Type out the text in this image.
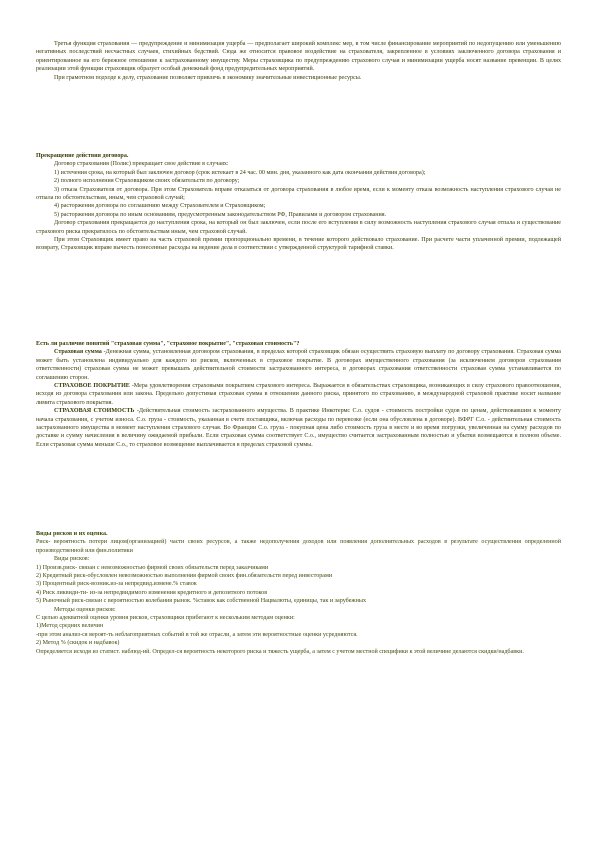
Третья функция страхования — предупреждение и минимизация ущерба — предполагает широкий комплекс мер, в том числе финансирование мероприятий по недопущению или уменьшению негативных последствий несчастных случаев, стихийных бедствий. Сюда же относится правовое воздействие на страхователя, закрепленное в условиях заключенного договора страхования и ориентированное на его бережное отношение к застрахованному имуществу. Меры страховщика по предупреждению страхового случая и минимизации ущерба носят название превенции. В целях реализации этой функции страховщик образует особый денежный фонд предупредительных мероприятий.

При грамотном подходе к делу, страхование позволяет привлечь в экономику значительные инвестиционные ресурсы.

Прекращение действия договора.

Договор страхования (Полис) прекращает свое действие в случаях:

1) истечения срока, на который был заключен договор (срок истекает в 24 час. 00 мин. дня, указанного как дата окончания действия договора);

2) полного исполнения Страховщиком своих обязательств по договору;

3) отказа Страхователя от договора. При этом Страхователь вправе отказаться от договора страхования в любое время, если к моменту отказа возможность наступления страхового случая не отпала по обстоятельствам, иным, чем страховой случай;

4) расторжения договора по соглашению между Страхователем и Страховщиком;

5) расторжения договора по иным основаниям, предусмотренным законодательством РФ, Правилами и договором страхования.

Договор страхования прекращается до наступления срока, на который он был заключен, если после его вступления в силу возможность наступления страхового случая отпала и существование страхового риска прекратилось по обстоятельствам иным, чем страховой случай.

При этом Страховщик имеет право на часть страховой премии пропорционально времени, в течение которого действовало страхование. При расчете части уплаченной премии, подлежащей возврату, Страховщик вправе вычесть понесенные расходы на ведение дела в соответствии с утвержденной структурой тарифной ставки.

Есть ли различие понятий "страховая сумма", "страховое покрытие", "страховая стоимость"?

Страховая сумма -Денежная сумма, установленная договором страхования, в пределах которой страховщик обязан осуществить страховую выплату по договору страхования. Страховая сумма может быть установлена индивидуально для каждого из рисков, включенных в страховое покрытие. В договорах имущественного страхования (за исключением договоров страхования ответственности) страховая сумма не может превышать действительной стоимости застрахованного интереса, в договорах страхования ответственности страховая сумма устанавливается по соглашению сторон.

СТРАХОВОЕ ПОКРЫТИЕ -Мера удовлетворения страховыми покрытием страхового интереса. Выражается в обязательствах страховщика, возникающих в силу страхового правоотношения, исходя из договора страхования или закона. Предельно допустимая страховая сумма в отношении данного риска, принятого по страхованию, в международной страховой практике носит название лимита страхового покрытия.

СТРАХОВАЯ СТОИМОСТЬ -Действительная стоимость застрахованного имущества. В практике Инкотермс С.о. судов - стоимость постройки судов по ценам, действовавшим к моменту начала страхования, с учетом износа. С.о. груза - стоимость, указанная в счете поставщика, включая расходы по перевозке (если она обусловлена в договоре). ВФРГ С.о. - действительная стоимость застрахованного имущества в момент наступления страхового случая. Во Франции С.о. груза - покупная цена либо стоимость груза в месте и во время погрузки, увеличенная на сумму расходов по доставке и сумму начисления в величину ожидаемой прибыли. Если страховая сумма соответствует С.о., имущество считается застрахованным полностью и убытки возмещаются в полном объеме. Если страховая сумма меньше С.о., то страховое возмещение выплачивается в пределах страховой суммы.

Виды рисков и их оценка.

Риск- вероятность потери лицом(организацией) части своих ресурсов, а также недополучения доходов или появления дополнительных расходов в результате осуществления определенной производственной или фин.политики

Виды рисков:

1) Произв.риск- связан с невозможностью фирмой своих обязательств перед заказчиками

2) Кредитный риск-обусловлен невозможностью выполнения фирмой своих фин.обязательств перед инвесторами

3) Процентный риск-возник.из-за непредвид.измене.% ставок

4) Риск ликвидн-ти- из-за непредвидимого изменения кредитного и депозитного потоков

5) Рыночный риск-связан с вероятностью колебания рынок. %ставок как собственной Нацвалюты, единицы, так и зарубежных

Методы оценки рисков:

С целью адекватной оценки уровня рисков, страховщики прибегают к нескольким методам оценки:

1)Метод средних величин

-при этом анализ-ся вероят-ть неблагоприятных событий в той же отрасли, а затем эти вероятностные оценки усредняются.

2) Метод % (скидок и надбавок)

Определяется исходя из статист. наблюд-ий. Определ-ся вероятность некоторого риска и тяжесть ущерба, а затем с учетом местной специфики к этой величине делаются скидки/надбавки.
